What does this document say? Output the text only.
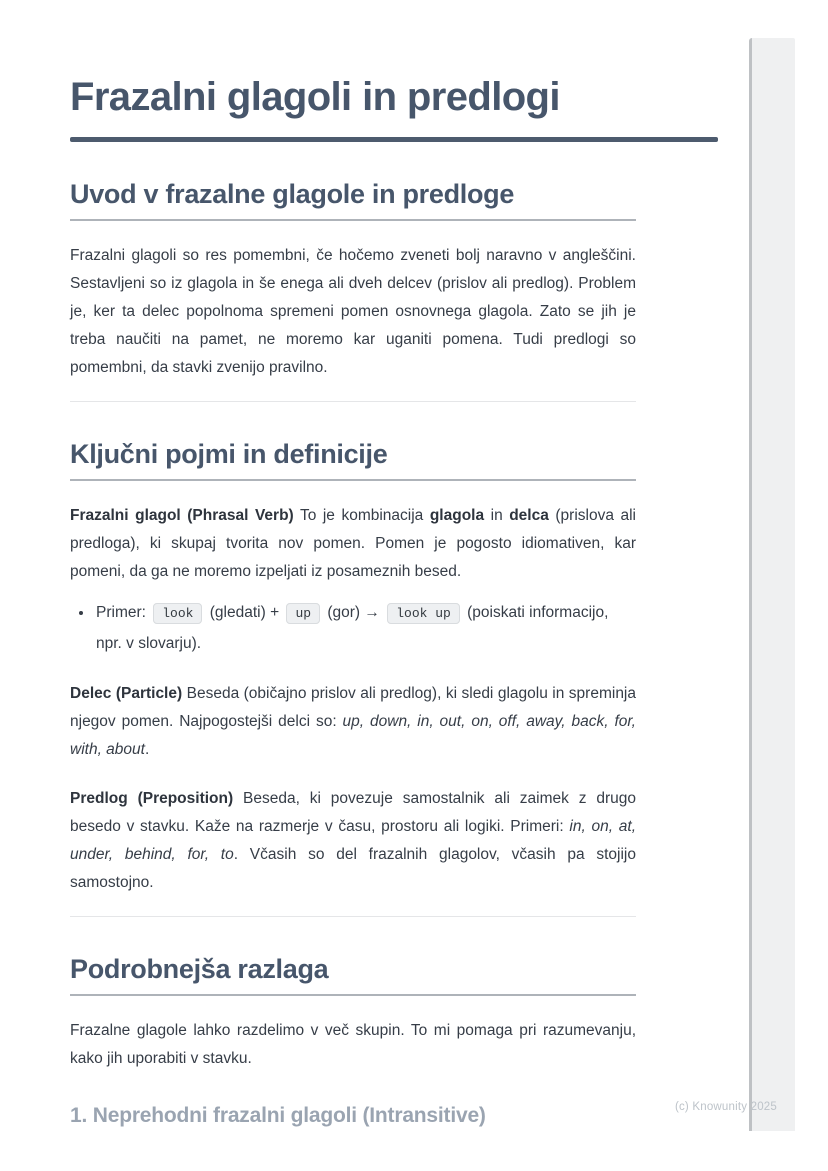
Frazalni glagoli in predlogi
Uvod v frazalne glagole in predloge

Frazalni glagoli so res pomembni, če hočemo zveneti bolj naravno v angleščini. Sestavljeni so iz glagola in še enega ali dveh delcev (prislov ali predlog). Problem je, ker ta delec popolnoma spremeni pomen osnovnega glagola. Zato se jih je treba naučiti na pamet, ne moremo kar uganiti pomena. Tudi predlogi so pomembni, da stavki zvenijo pravilno.

Ključni pojmi in definicije

Frazalni glagol (Phrasal Verb) To je kombinacija glagola in delca (prislova ali predloga), ki skupaj tvorita nov pomen. Pomen je pogosto idiomativen, kar pomeni, da ga ne moremo izpeljati iz posameznih besed.

• Primer: look (gledati) + up (gor) → look up (poiskati informacijo, npr. v slovarju).

Delec (Particle) Beseda (običajno prislov ali predlog), ki sledi glagolu in spreminja njegov pomen. Najpogostejši delci so: up, down, in, out, on, off, away, back, for, with, about.

Predlog (Preposition) Beseda, ki povezuje samostalnik ali zaimek z drugo besedo v stavku. Kaže na razmerje v času, prostoru ali logiki. Primeri: in, on, at, under, behind, for, to. Včasih so del frazalnih glagolov, včasih pa stojijo samostojno.

Podrobnejša razlaga

Frazalne glagole lahko razdelimo v več skupin. To mi pomaga pri razumevanju, kako jih uporabiti v stavku.

1. Neprehodni frazalni glagoli (Intransitive)	(c) Knowunity 2025
